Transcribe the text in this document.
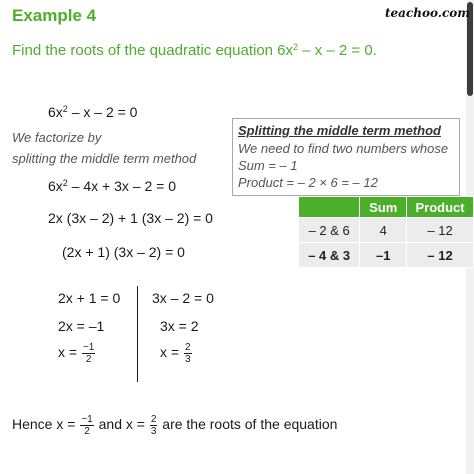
Example 4	teachoo.com
Find the roots of the quadratic equation $6x^2 - x - 2 = 0$.
$6x^2 - x - 2 = 0$
We factorize by
splitting the middle term method
$6x^2 - 4x + 3x - 2 = 0$
2x (3x – 2) + 1 (3x – 2) = 0
(2x + 1) (3x – 2) = 0
Splitting the middle term method
We need to find two numbers whose
Sum = – 1
Product = – 2 × 6 = – 12
	Sum	Product
– 2 & 6	4	– 12
– 4 & 3	–1	– 12
2x + 1 = 0
2x = –1
$x = \frac{-1}{2}$
3x – 2 = 0
3x = 2
$x = \frac{2}{3}$
Hence $x = \frac{-1}{2}$ and $x = \frac{2}{3}$ are the roots of the equation
